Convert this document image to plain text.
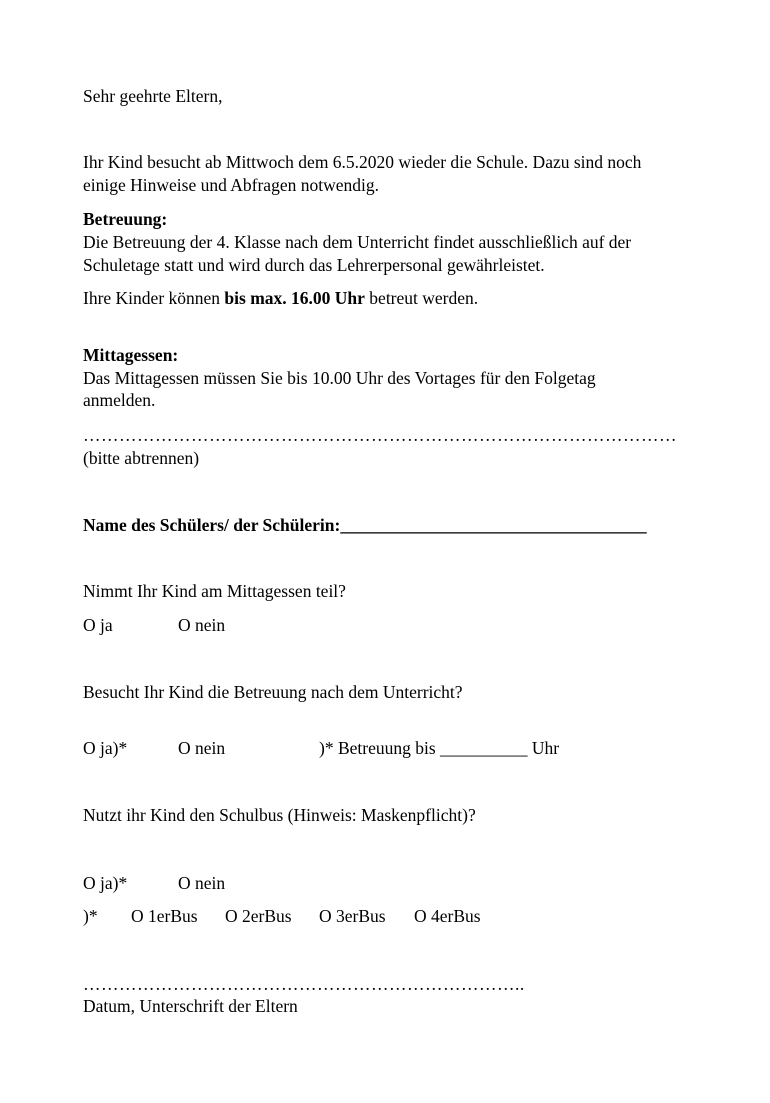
Sehr geehrte Eltern,
Ihr Kind besucht ab Mittwoch dem 6.5.2020 wieder die Schule. Dazu sind noch
einige Hinweise und Abfragen notwendig.
Betreuung:
Die Betreuung der 4. Klasse nach dem Unterricht findet ausschließlich auf der
Schuletage statt und wird durch das Lehrerpersonal gewährleistet.
Ihre Kinder können bis max. 16.00 Uhr betreut werden.
Mittagessen:
Das Mittagessen müssen Sie bis 10.00 Uhr des Vortages für den Folgetag
anmelden.
………………………………………………………………………………………
(bitte abtrennen)
Name des Schülers/ der Schülerin:___________________________________
Nimmt Ihr Kind am Mittagessen teil?
O ja	O nein
Besucht Ihr Kind die Betreuung nach dem Unterricht?
O ja)*	O nein	)* Betreuung bis __________ Uhr
Nutzt ihr Kind den Schulbus (Hinweis: Maskenpflicht)?
O ja)*	O nein
)* O 1erBus O 2erBus O 3erBus O 4erBus
………………………………………………………………..
Datum, Unterschrift der Eltern
